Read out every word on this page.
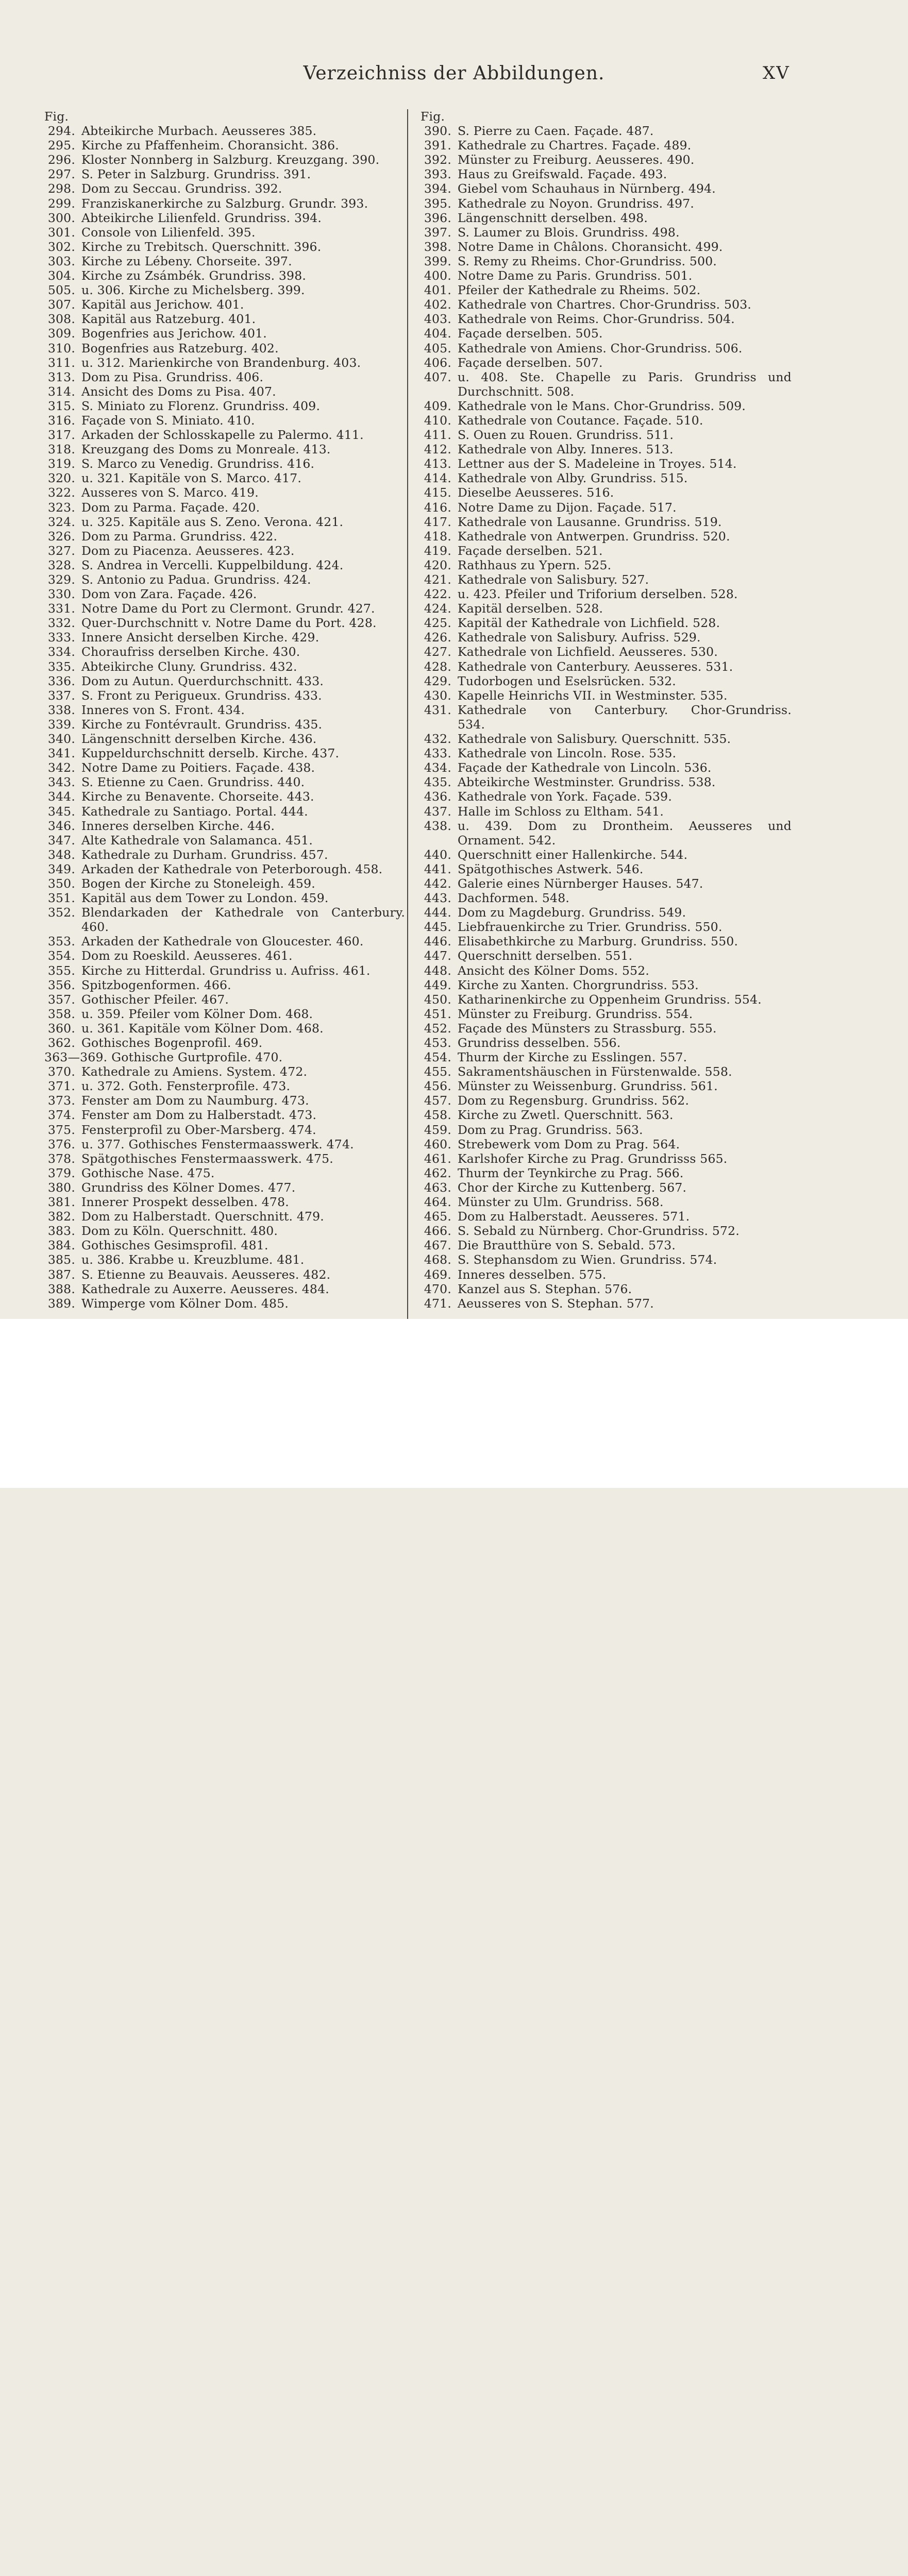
Verzeichniss der Abbildungen.	XV
Fig.
294. Abteikirche Murbach. Aeusseres 385.
295. Kirche zu Pfaffenheim. Choransicht. 386.
296. Kloster Nonnberg in Salzburg. Kreuzgang. 390.
297. S. Peter in Salzburg. Grundriss. 391.
298. Dom zu Seccau. Grundriss. 392.
299. Franziskanerkirche zu Salzburg. Grundr. 393.
300. Abteikirche Lilienfeld. Grundriss. 394.
301. Console von Lilienfeld. 395.
302. Kirche zu Trebitsch. Querschnitt. 396.
303. Kirche zu Lébeny. Chorseite. 397.
304. Kirche zu Zsámbék. Grundriss. 398.
505. u. 306. Kirche zu Michelsberg. 399.
307. Kapitäl aus Jerichow. 401.
308. Kapitäl aus Ratzeburg. 401.
309. Bogenfries aus Jerichow. 401.
310. Bogenfries aus Ratzeburg. 402.
311. u. 312. Marienkirche von Brandenburg. 403.
313. Dom zu Pisa. Grundriss. 406.
314. Ansicht des Doms zu Pisa. 407.
315. S. Miniato zu Florenz. Grundriss. 409.
316. Façade von S. Miniato. 410.
317. Arkaden der Schlosskapelle zu Palermo. 411.
318. Kreuzgang des Doms zu Monreale. 413.
319. S. Marco zu Venedig. Grundriss. 416.
320. u. 321. Kapitäle von S. Marco. 417.
322. Ausseres von S. Marco. 419.
323. Dom zu Parma. Façade. 420.
324. u. 325. Kapitäle aus S. Zeno. Verona. 421.
326. Dom zu Parma. Grundriss. 422.
327. Dom zu Piacenza. Aeusseres. 423.
328. S. Andrea in Vercelli. Kuppelbildung. 424.
329. S. Antonio zu Padua. Grundriss. 424.
330. Dom von Zara. Façade. 426.
331. Notre Dame du Port zu Clermont. Grundr. 427.
332. Quer-Durchschnitt v. Notre Dame du Port. 428.
333. Innere Ansicht derselben Kirche. 429.
334. Choraufriss derselben Kirche. 430.
335. Abteikirche Cluny. Grundriss. 432.
336. Dom zu Autun. Querdurchschnitt. 433.
337. S. Front zu Perigueux. Grundriss. 433.
338. Inneres von S. Front. 434.
339. Kirche zu Fontévrault. Grundriss. 435.
340. Längenschnitt derselben Kirche. 436.
341. Kuppeldurchschnitt derselb. Kirche. 437.
342. Notre Dame zu Poitiers. Façade. 438.
343. S. Etienne zu Caen. Grundriss. 440.
344. Kirche zu Benavente. Chorseite. 443.
345. Kathedrale zu Santiago. Portal. 444.
346. Inneres derselben Kirche. 446.
347. Alte Kathedrale von Salamanca. 451.
348. Kathedrale zu Durham. Grundriss. 457.
349. Arkaden der Kathedrale von Peterborough. 458.
350. Bogen der Kirche zu Stoneleigh. 459.
351. Kapitäl aus dem Tower zu London. 459.
352. Blendarkaden der Kathedrale von Canterbury.
460.
353. Arkaden der Kathedrale von Gloucester. 460.
354. Dom zu Roeskild. Aeusseres. 461.
355. Kirche zu Hitterdal. Grundriss u. Aufriss. 461.
356. Spitzbogenformen. 466.
357. Gothischer Pfeiler. 467.
358. u. 359. Pfeiler vom Kölner Dom. 468.
360. u. 361. Kapitäle vom Kölner Dom. 468.
362. Gothisches Bogenprofil. 469.
363—369. Gothische Gurtprofile. 470.
370. Kathedrale zu Amiens. System. 472.
371. u. 372. Goth. Fensterprofile. 473.
373. Fenster am Dom zu Naumburg. 473.
374. Fenster am Dom zu Halberstadt. 473.
375. Fensterprofil zu Ober-Marsberg. 474.
376. u. 377. Gothisches Fenstermaasswerk. 474.
378. Spätgothisches Fenstermaasswerk. 475.
379. Gothische Nase. 475.
380. Grundriss des Kölner Domes. 477.
381. Innerer Prospekt desselben. 478.
382. Dom zu Halberstadt. Querschnitt. 479.
383. Dom zu Köln. Querschnitt. 480.
384. Gothisches Gesimsprofil. 481.
385. u. 386. Krabbe u. Kreuzblume. 481.
387. S. Etienne zu Beauvais. Aeusseres. 482.
388. Kathedrale zu Auxerre. Aeusseres. 484.
389. Wimperge vom Kölner Dom. 485.
Fig.
390. S. Pierre zu Caen. Façade. 487.
391. Kathedrale zu Chartres. Façade. 489.
392. Münster zu Freiburg. Aeusseres. 490.
393. Haus zu Greifswald. Façade. 493.
394. Giebel vom Schauhaus in Nürnberg. 494.
395. Kathedrale zu Noyon. Grundriss. 497.
396. Längenschnitt derselben. 498.
397. S. Laumer zu Blois. Grundriss. 498.
398. Notre Dame in Châlons. Choransicht. 499.
399. S. Remy zu Rheims. Chor-Grundriss. 500.
400. Notre Dame zu Paris. Grundriss. 501.
401. Pfeiler der Kathedrale zu Rheims. 502.
402. Kathedrale von Chartres. Chor-Grundriss. 503.
403. Kathedrale von Reims. Chor-Grundriss. 504.
404. Façade derselben. 505.
405. Kathedrale von Amiens. Chor-Grundriss. 506.
406. Façade derselben. 507.
407. u. 408. Ste. Chapelle zu Paris. Grundriss und
Durchschnitt. 508.
409. Kathedrale von le Mans. Chor-Grundriss. 509.
410. Kathedrale von Coutance. Façade. 510.
411. S. Ouen zu Rouen. Grundriss. 511.
412. Kathedrale von Alby. Inneres. 513.
413. Lettner aus der S. Madeleine in Troyes. 514.
414. Kathedrale von Alby. Grundriss. 515.
415. Dieselbe Aeusseres. 516.
416. Notre Dame zu Dijon. Façade. 517.
417. Kathedrale von Lausanne. Grundriss. 519.
418. Kathedrale von Antwerpen. Grundriss. 520.
419. Façade derselben. 521.
420. Rathhaus zu Ypern. 525.
421. Kathedrale von Salisbury. 527.
422. u. 423. Pfeiler und Triforium derselben. 528.
424. Kapitäl derselben. 528.
425. Kapitäl der Kathedrale von Lichfield. 528.
426. Kathedrale von Salisbury. Aufriss. 529.
427. Kathedrale von Lichfield. Aeusseres. 530.
428. Kathedrale von Canterbury. Aeusseres. 531.
429. Tudorbogen und Eselsrücken. 532.
430. Kapelle Heinrichs VII. in Westminster. 535.
431. Kathedrale von Canterbury. Chor-Grundriss.
534.
432. Kathedrale von Salisbury. Querschnitt. 535.
433. Kathedrale von Lincoln. Rose. 535.
434. Façade der Kathedrale von Lincoln. 536.
435. Abteikirche Westminster. Grundriss. 538.
436. Kathedrale von York. Façade. 539.
437. Halle im Schloss zu Eltham. 541.
438. u. 439. Dom zu Drontheim. Aeusseres und
Ornament. 542.
440. Querschnitt einer Hallenkirche. 544.
441. Spätgothisches Astwerk. 546.
442. Galerie eines Nürnberger Hauses. 547.
443. Dachformen. 548.
444. Dom zu Magdeburg. Grundriss. 549.
445. Liebfrauenkirche zu Trier. Grundriss. 550.
446. Elisabethkirche zu Marburg. Grundriss. 550.
447. Querschnitt derselben. 551.
448. Ansicht des Kölner Doms. 552.
449. Kirche zu Xanten. Chorgrundriss. 553.
450. Katharinenkirche zu Oppenheim Grundriss. 554.
451. Münster zu Freiburg. Grundriss. 554.
452. Façade des Münsters zu Strassburg. 555.
453. Grundriss desselben. 556.
454. Thurm der Kirche zu Esslingen. 557.
455. Sakramentshäuschen in Fürstenwalde. 558.
456. Münster zu Weissenburg. Grundriss. 561.
457. Dom zu Regensburg. Grundriss. 562.
458. Kirche zu Zwetl. Querschnitt. 563.
459. Dom zu Prag. Grundriss. 563.
460. Strebewerk vom Dom zu Prag. 564.
461. Karlshofer Kirche zu Prag. Grundrisss 565.
462. Thurm der Teynkirche zu Prag. 566.
463. Chor der Kirche zu Kuttenberg. 567.
464. Münster zu Ulm. Grundriss. 568.
465. Dom zu Halberstadt. Aeusseres. 571.
466. S. Sebald zu Nürnberg. Chor-Grundriss. 572.
467. Die Brautthüre von S. Sebald. 573.
468. S. Stephansdom zu Wien. Grundriss. 574.
469. Inneres desselben. 575.
470. Kanzel aus S. Stephan. 576.
471. Aeusseres von S. Stephan. 577.
